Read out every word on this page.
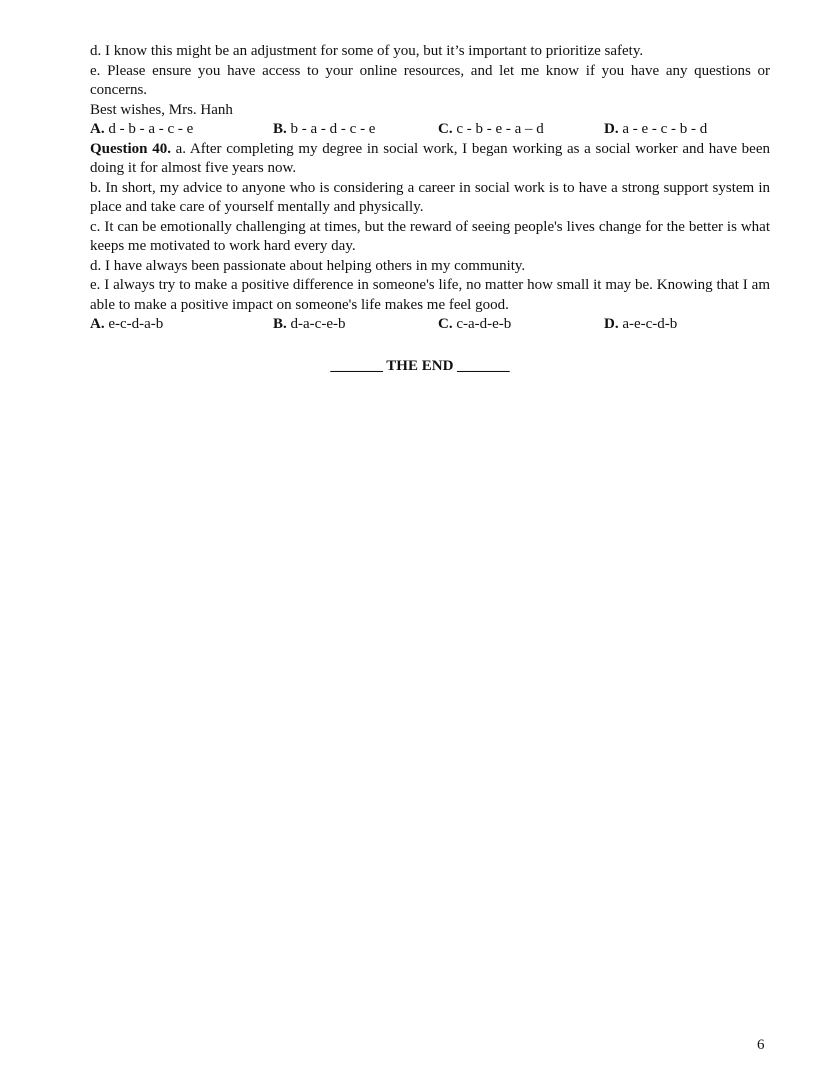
d. I know this might be an adjustment for some of you, but it’s important to prioritize safety.

e. Please ensure you have access to your online resources, and let me know if you have any questions or concerns.

Best wishes, Mrs. Hanh

A. d - b - a - c - e	B. b - a - d - c - e	C. c - b - e - a – d	D. a - e - c - b - d

Question 40. a. After completing my degree in social work, I began working as a social worker and have been doing it for almost five years now.

b. In short, my advice to anyone who is considering a career in social work is to have a strong support system in place and take care of yourself mentally and physically.

c. It can be emotionally challenging at times, but the reward of seeing people's lives change for the better is what keeps me motivated to work hard every day.

d. I have always been passionate about helping others in my community.

e. I always try to make a positive difference in someone's life, no matter how small it may be. Knowing that I am able to make a positive impact on someone's life makes me feel good.

A. e-c-d-a-b	B. d-a-c-e-b	C. c-a-d-e-b	D. a-e-c-d-b
_______ THE END _______
6
